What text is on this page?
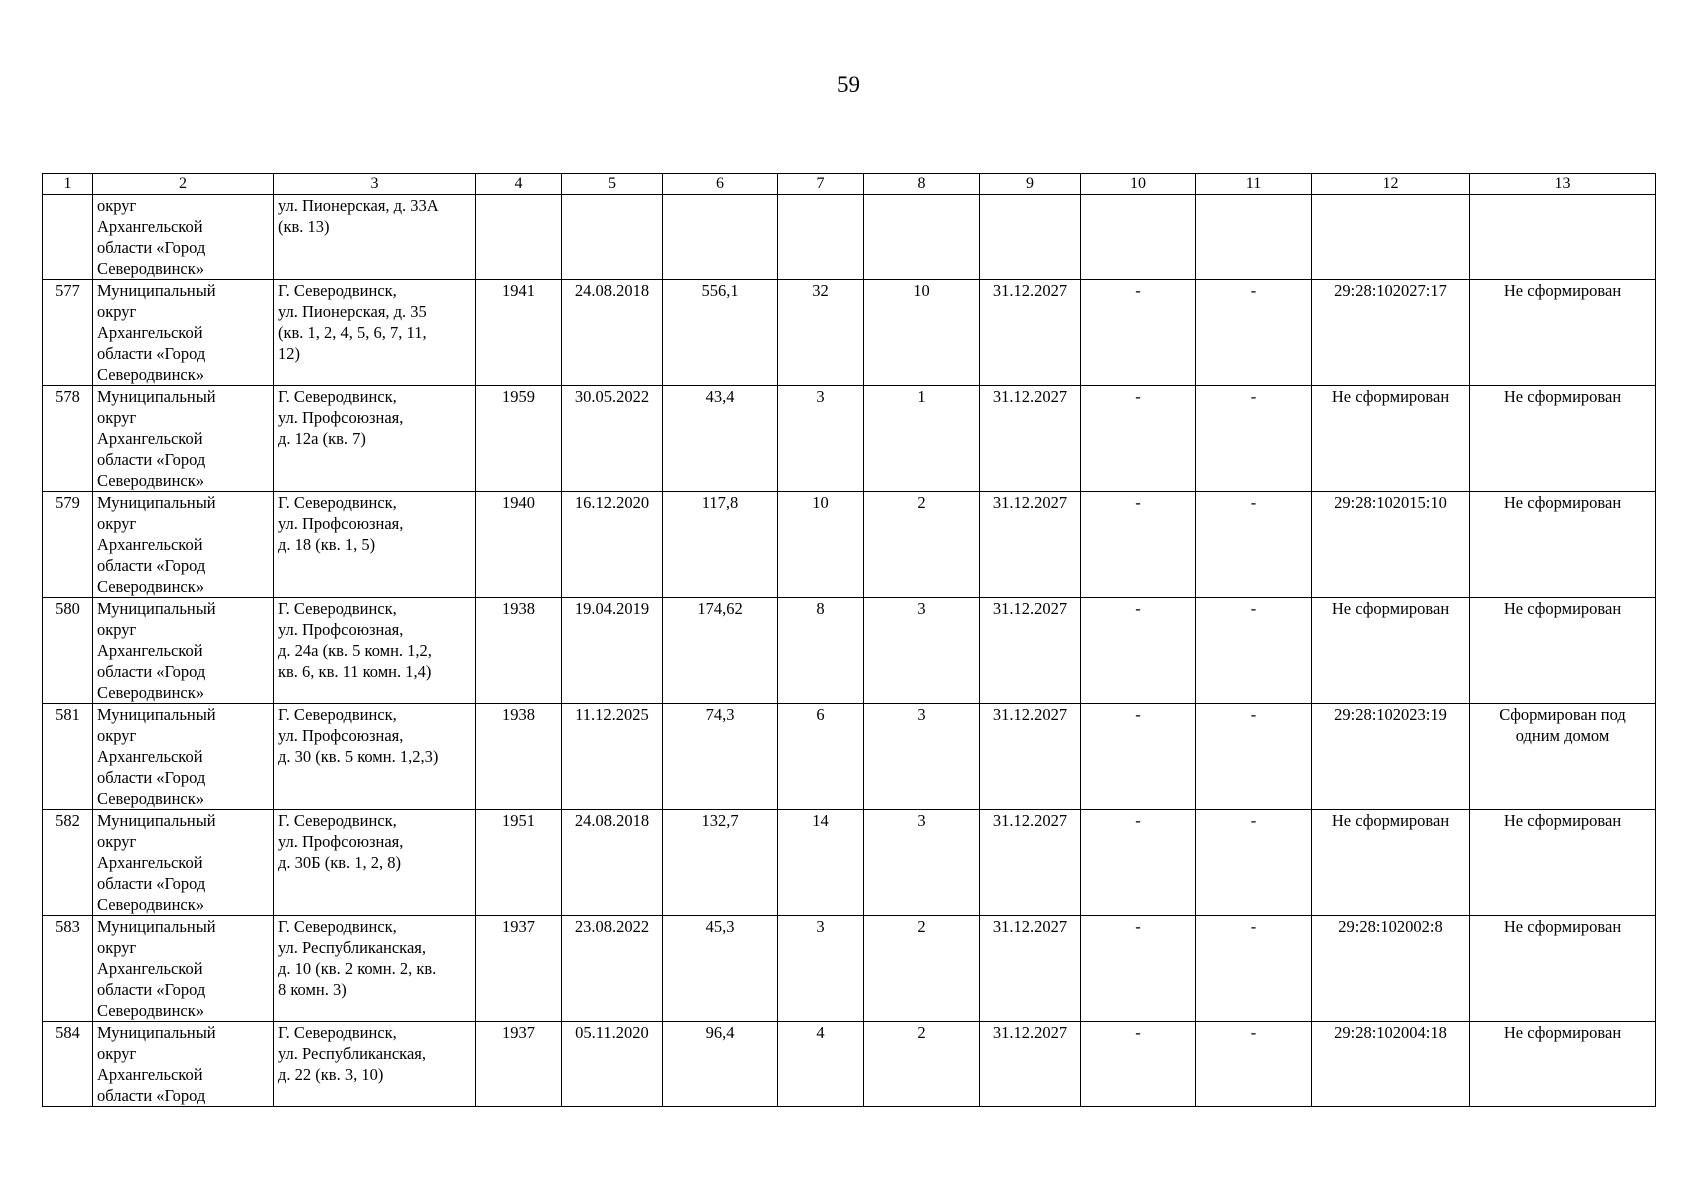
59
1	2	3	4	5	6	7	8	9	10	11	12	13
	округ
Архангельской
области «Город
Северодвинск»	ул. Пионерская, д. 33А
(кв. 13)										
577	Муниципальный
округ
Архангельской
области «Город
Северодвинск»	Г. Северодвинск,
ул. Пионерская, д. 35
(кв. 1, 2, 4, 5, 6, 7, 11,
12)	1941	24.08.2018	556,1	32	10	31.12.2027	-	-	29:28:102027:17	Не сформирован
578	Муниципальный
округ
Архангельской
области «Город
Северодвинск»	Г. Северодвинск,
ул. Профсоюзная,
д. 12а (кв. 7)	1959	30.05.2022	43,4	3	1	31.12.2027	-	-	Не сформирован	Не сформирован
579	Муниципальный
округ
Архангельской
области «Город
Северодвинск»	Г. Северодвинск,
ул. Профсоюзная,
д. 18 (кв. 1, 5)	1940	16.12.2020	117,8	10	2	31.12.2027	-	-	29:28:102015:10	Не сформирован
580	Муниципальный
округ
Архангельской
области «Город
Северодвинск»	Г. Северодвинск,
ул. Профсоюзная,
д. 24а (кв. 5 комн. 1,2,
кв. 6, кв. 11 комн. 1,4)	1938	19.04.2019	174,62	8	3	31.12.2027	-	-	Не сформирован	Не сформирован
581	Муниципальный
округ
Архангельской
области «Город
Северодвинск»	Г. Северодвинск,
ул. Профсоюзная,
д. 30 (кв. 5 комн. 1,2,3)	1938	11.12.2025	74,3	6	3	31.12.2027	-	-	29:28:102023:19	Сформирован под
одним домом
582	Муниципальный
округ
Архангельской
области «Город
Северодвинск»	Г. Северодвинск,
ул. Профсоюзная,
д. 30Б (кв. 1, 2, 8)	1951	24.08.2018	132,7	14	3	31.12.2027	-	-	Не сформирован	Не сформирован
583	Муниципальный
округ
Архангельской
области «Город
Северодвинск»	Г. Северодвинск,
ул. Республиканская,
д. 10 (кв. 2 комн. 2, кв.
8 комн. 3)	1937	23.08.2022	45,3	3	2	31.12.2027	-	-	29:28:102002:8	Не сформирован
584	Муниципальный
округ
Архангельской
области «Город	Г. Северодвинск,
ул. Республиканская,
д. 22 (кв. 3, 10)	1937	05.11.2020	96,4	4	2	31.12.2027	-	-	29:28:102004:18	Не сформирован
